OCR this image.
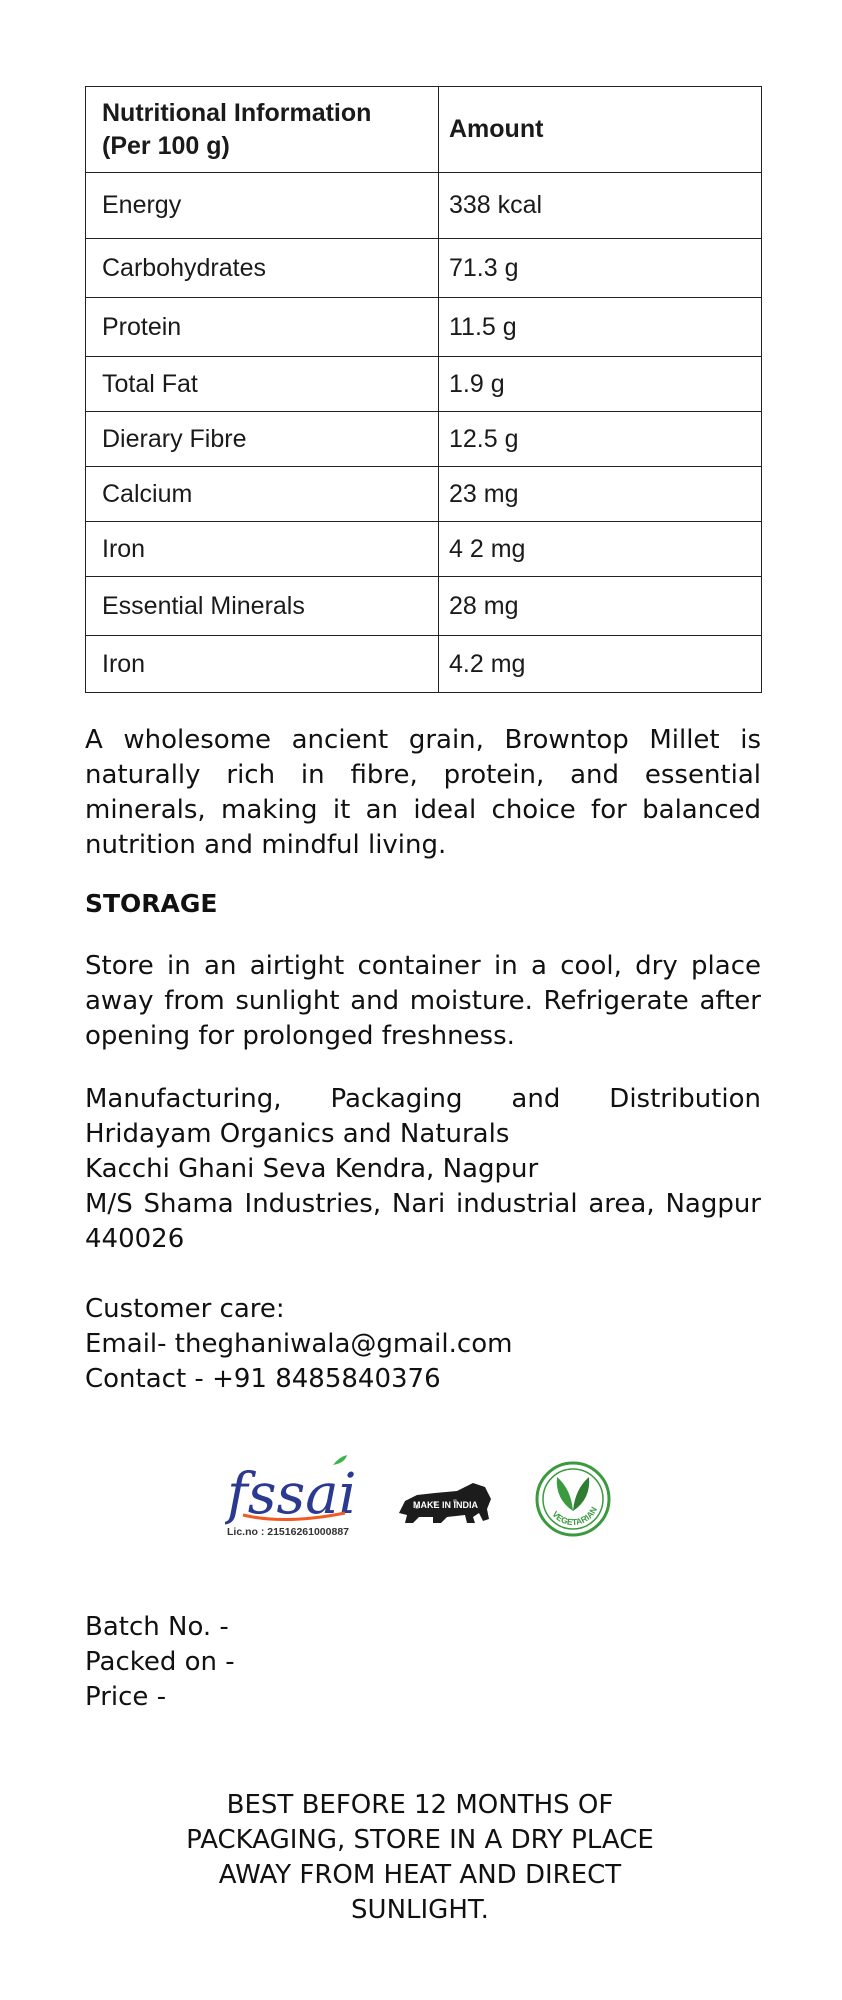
Nutritional Information (Per 100 g)	Amount
Energy	338 kcal
Carbohydrates	71.3 g
Protein	11.5 g
Total Fat	1.9 g
Dierary Fibre	12.5 g
Calcium	23 mg
Iron	4 2 mg
Essential Minerals	28 mg
Iron	4.2 mg

A wholesome ancient grain, Browntop Millet is naturally rich in fibre, protein, and essential minerals, making it an ideal choice for balanced nutrition and mindful living.

STORAGE

Store in an airtight container in a cool, dry place away from sunlight and moisture. Refrigerate after opening for prolonged freshness.

Manufacturing, Packaging and Distribution Hridayam Organics and Naturals
Kacchi Ghani Seva Kendra, Nagpur
M/S Shama Industries, Nari industrial area, Nagpur 440026
Customer care:
Email- theghaniwala@gmail.com
Contact - +91 8485840376
fssai
Lic.no : 21516261000887
MAKE IN INDIA
VEGETARIAN
Batch No. -
Packed on -
Price -
BEST BEFORE 12 MONTHS OF PACKAGING, STORE IN A DRY PLACE AWAY FROM HEAT AND DIRECT SUNLIGHT.
